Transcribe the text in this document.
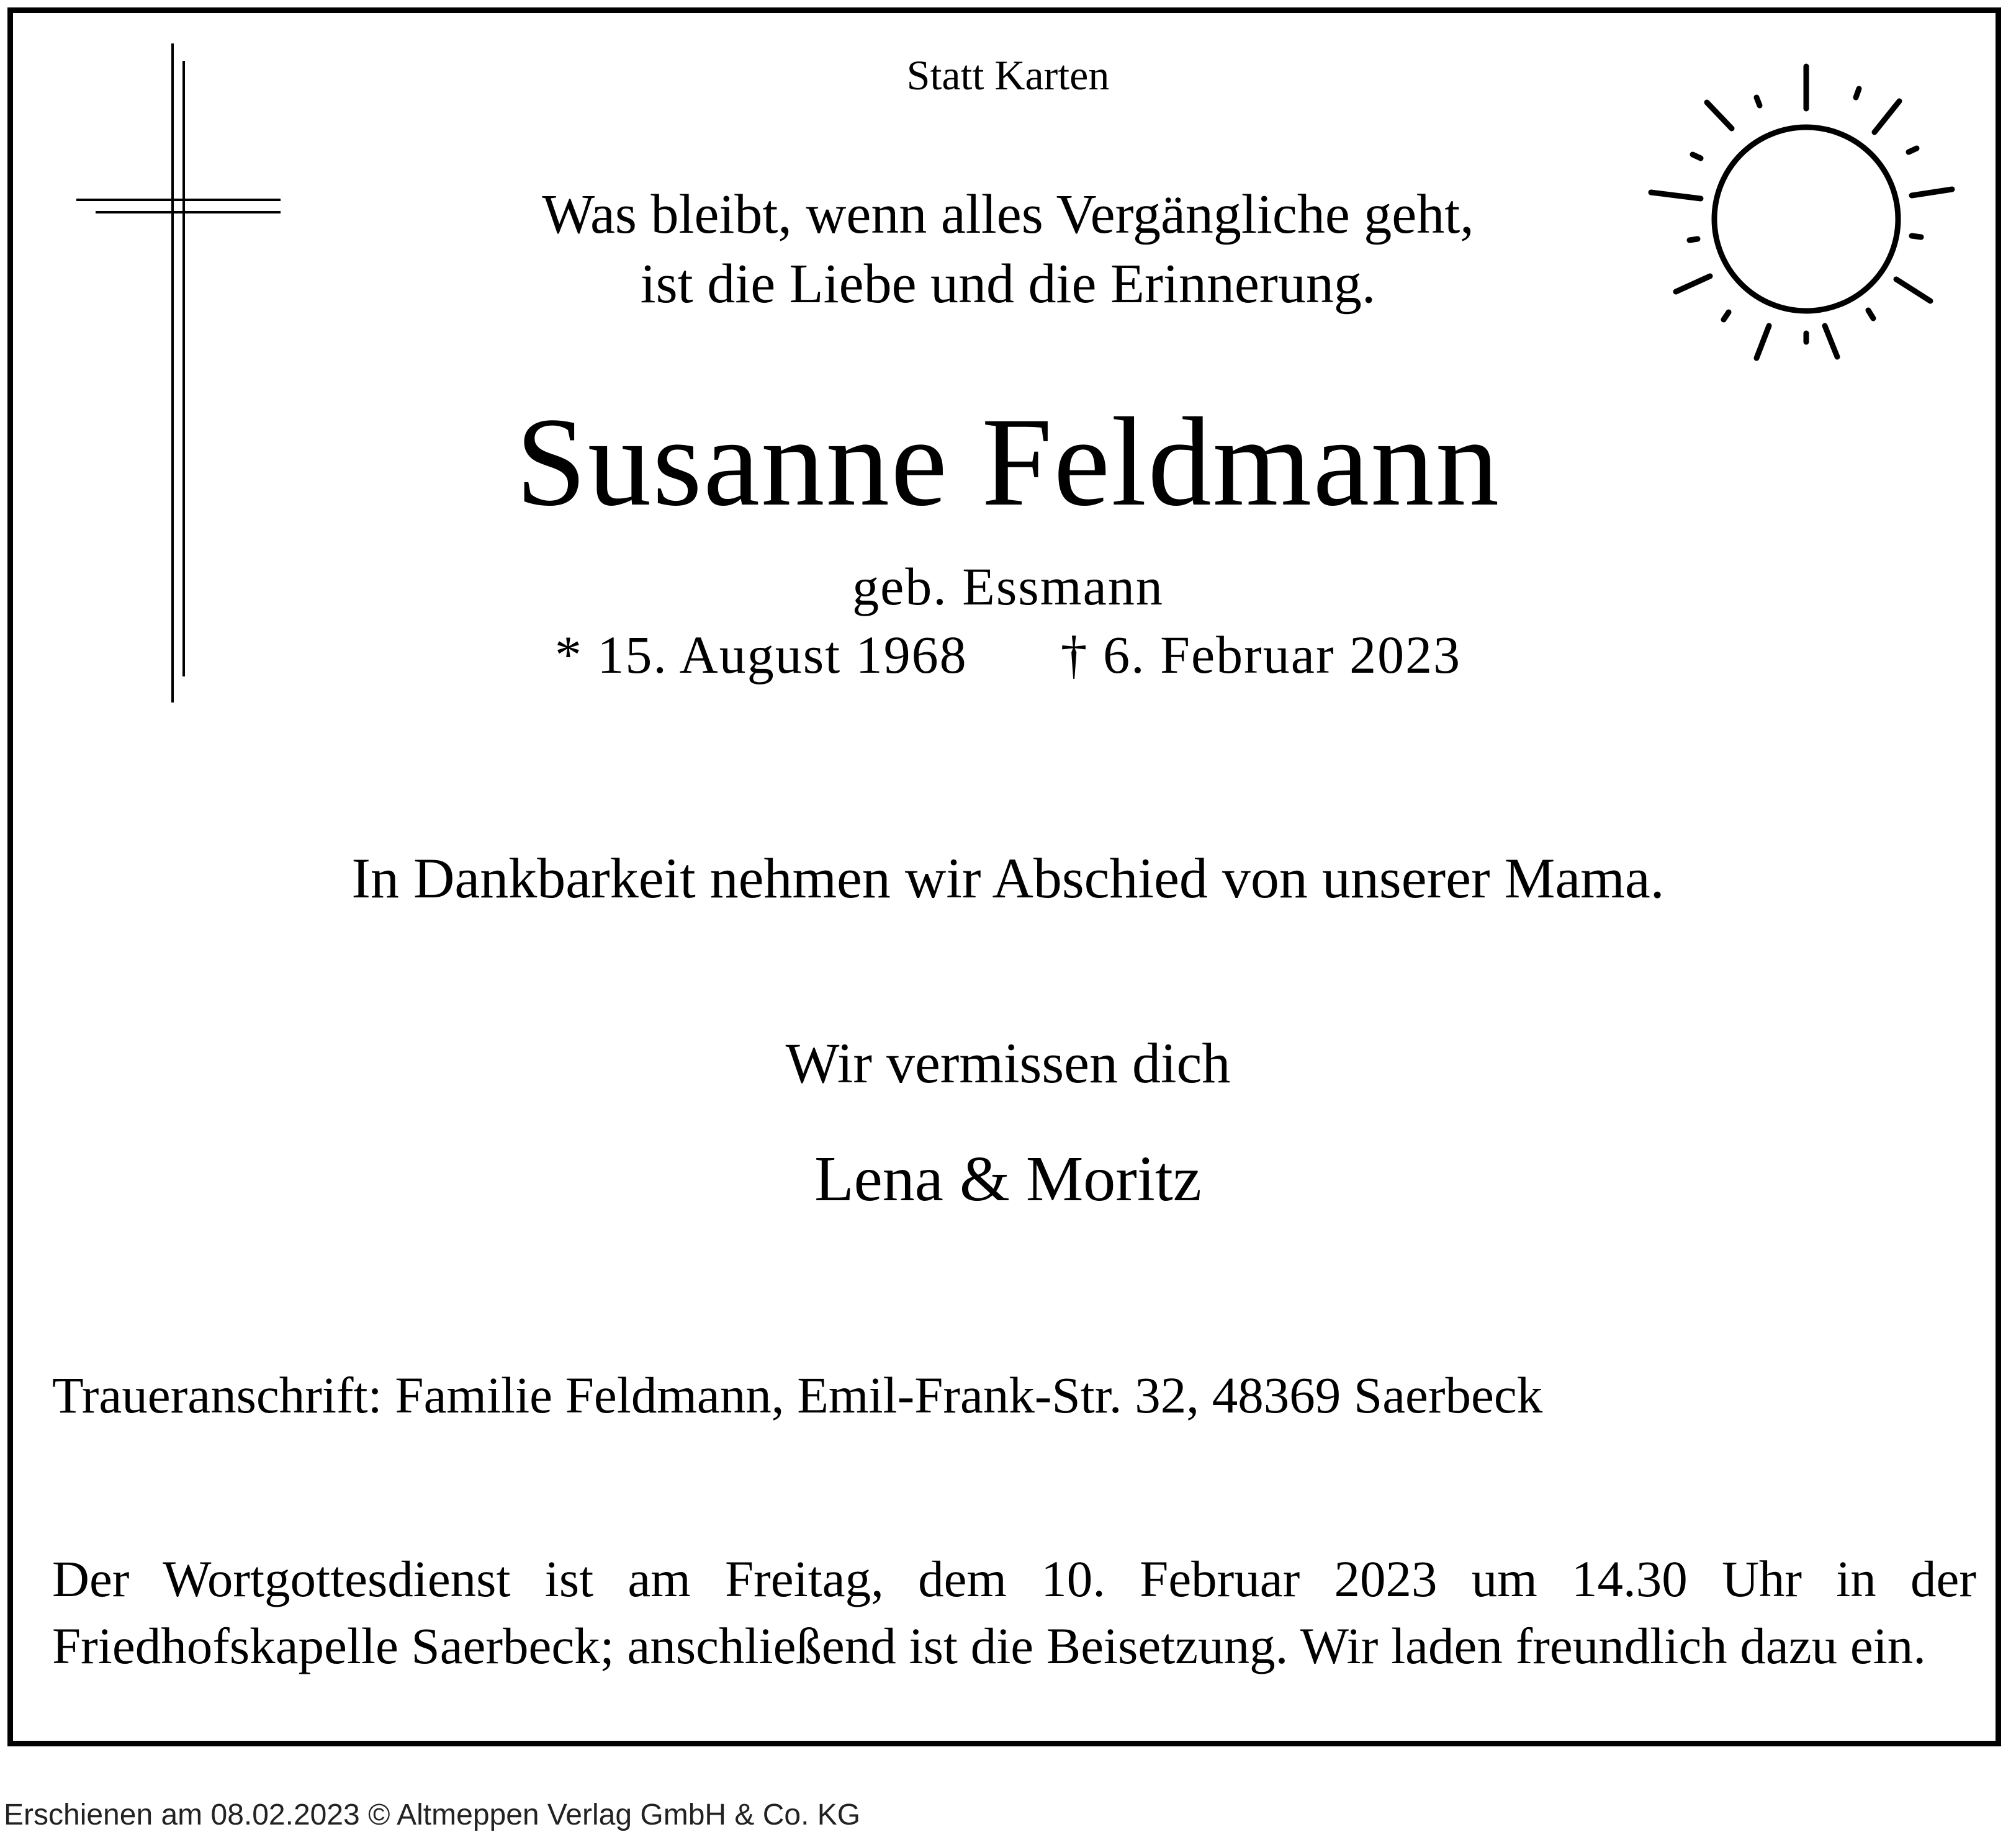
Statt Karten
Was bleibt, wenn alles Vergängliche geht,
ist die Liebe und die Erinnerung.
Susanne Feldmann
geb. Essmann
* 15. August 1968 † 6. Februar 2023
In Dankbarkeit nehmen wir Abschied von unserer Mama.
Wir vermissen dich
Lena & Moritz
Traueranschrift: Familie Feldmann, Emil-Frank-Str. 32, 48369 Saerbeck
Der Wortgottesdienst ist am Freitag, dem 10. Februar 2023 um 14.30 Uhr in der Friedhofskapelle Saerbeck; anschließend ist die Beisetzung. Wir laden freundlich dazu ein.
Erschienen am 08.02.2023 © Altmeppen Verlag GmbH & Co. KG
